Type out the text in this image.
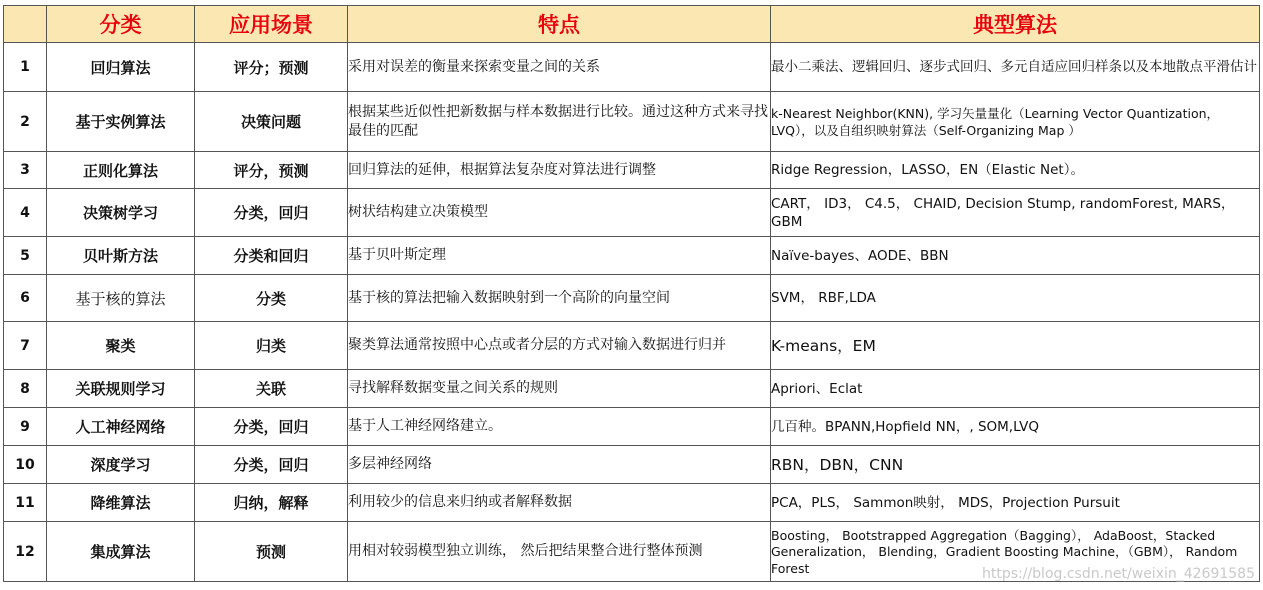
	分类	应用场景	特点	典型算法
1	回归算法	评分；预测	采用对误差的衡量来探索变量之间的关系	最小二乘法、逻辑回归、逐步式回归、多元自适应回归样条以及本地散点平滑估计
2	基于实例算法	决策问题	根据某些近似性把新数据与样本数据进行比较。通过这种方式来寻找最佳的匹配	k-Nearest Neighbor(KNN), 学习矢量量化（Learning Vector Quantization， LVQ），以及自组织映射算法（Self-Organizing Map ）
3	正则化算法	评分，预测	回归算法的延伸，根据算法复杂度对算法进行调整	Ridge Regression，LASSO，EN（Elastic Net）。
4	决策树学习	分类，回归	树状结构建立决策模型	CART， ID3， C4.5， CHAID, Decision Stump, randomForest, MARS， GBM
5	贝叶斯方法	分类和回归	基于贝叶斯定理	Naïve-bayes、AODE、BBN
6	基于核的算法	分类	基于核的算法把输入数据映射到一个高阶的向量空间	SVM， RBF,LDA
7	聚类	归类	聚类算法通常按照中心点或者分层的方式对输入数据进行归并	K-means，EM
8	关联规则学习	关联	寻找解释数据变量之间关系的规则	Apriori、Eclat
9	人工神经网络	分类，回归	基于人工神经网络建立。	几百种。BPANN,Hopfield NN，, SOM,LVQ
10	深度学习	分类，回归	多层神经网络	RBN，DBN，CNN
11	降维算法	归纳，解释	利用较少的信息来归纳或者解释数据	PCA，PLS， Sammon映射， MDS，Projection Pursuit
12	集成算法	预测	用相对较弱模型独立训练， 然后把结果整合进行整体预测	Boosting， Bootstrapped Aggregation（Bagging）， AdaBoost，Stacked Generalization， Blending，Gradient Boosting Machine，（GBM）， Random Forest	https://blog.csdn.net/weixin_42691585
